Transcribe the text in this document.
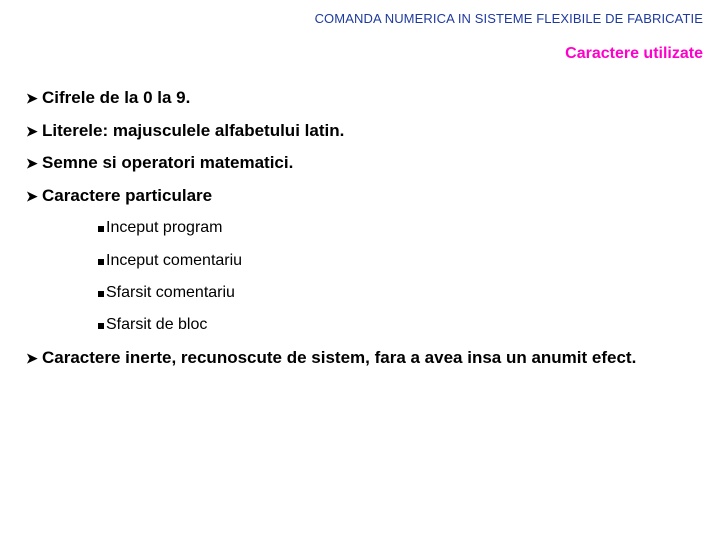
COMANDA NUMERICA IN SISTEME FLEXIBILE DE FABRICATIE
Caractere utilizate
➤ Cifrele de la 0 la 9.
➤ Literele: majusculele alfabetului latin.
➤ Semne si operatori matematici.
➤ Caractere particulare
Inceput program
Inceput comentariu
Sfarsit comentariu
Sfarsit de bloc
➤ Caractere inerte, recunoscute de sistem, fara a avea insa un anumit efect.
